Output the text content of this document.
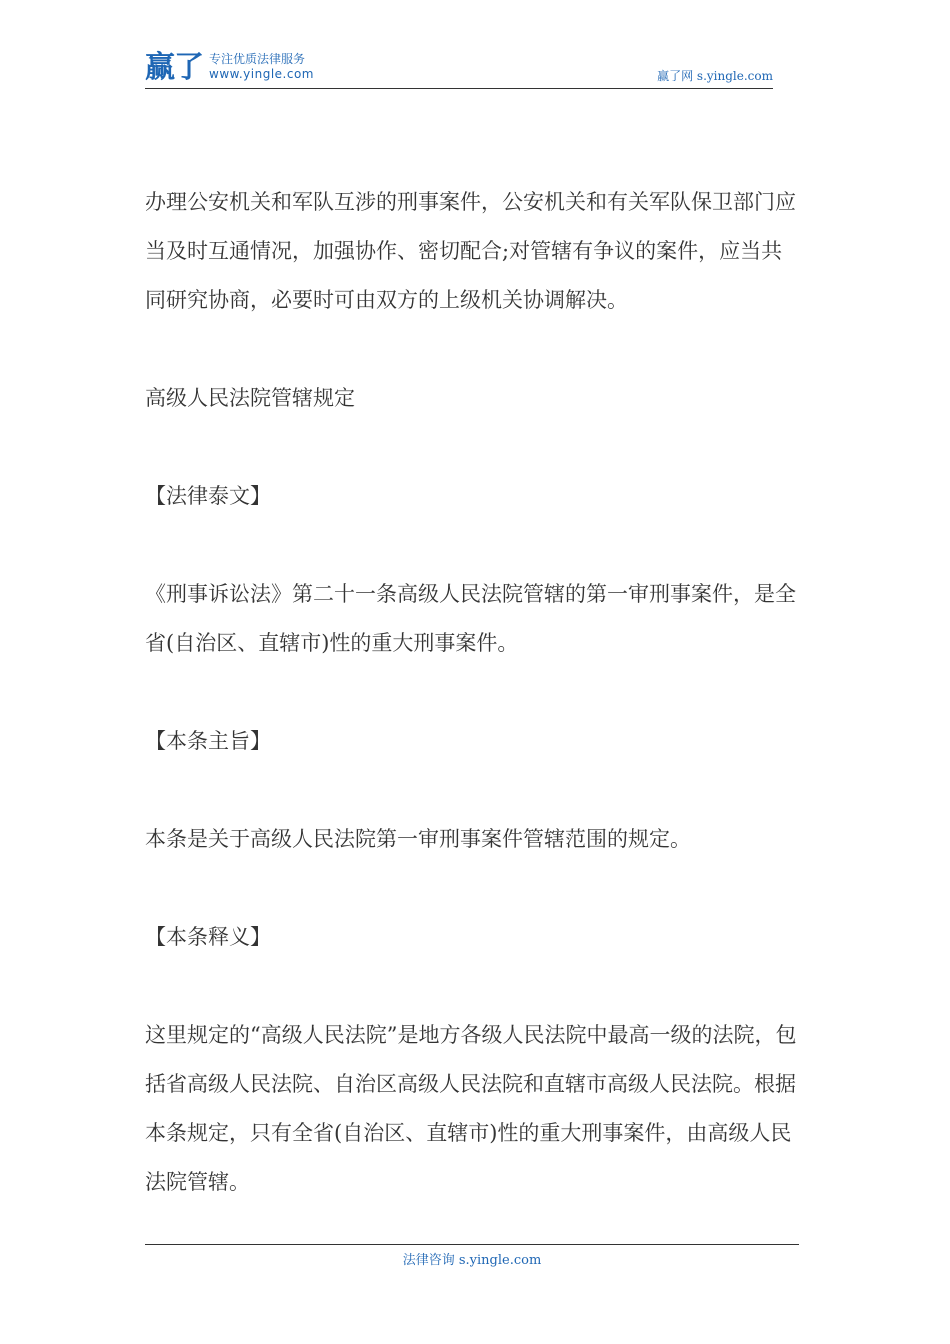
赢了 专注优质法律服务
www.yingle.com	赢了网 s.yingle.com

办理公安机关和军队互涉的刑事案件，公安机关和有关军队保卫部门应当及时互通情况，加强协作、密切配合;对管辖有争议的案件，应当共同研究协商，必要时可由双方的上级机关协调解决。

高级人民法院管辖规定

【法律泰文】

《刑事诉讼法》第二十一条高级人民法院管辖的第一审刑事案件，是全省(自治区、直辖市)性的重大刑事案件。

【本条主旨】

本条是关于高级人民法院第一审刑事案件管辖范围的规定。

【本条释义】

这里规定的“高级人民法院”是地方各级人民法院中最高一级的法院，包括省高级人民法院、自治区高级人民法院和直辖市高级人民法院。根据本条规定，只有全省(自治区、直辖市)性的重大刑事案件，由高级人民法院管辖。

法律咨询 s.yingle.com
